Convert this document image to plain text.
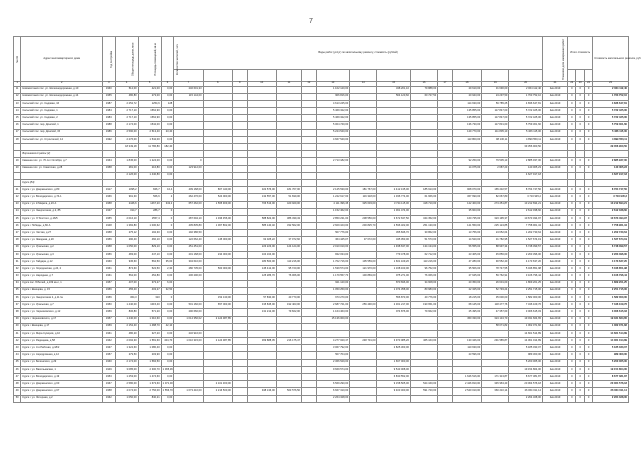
7
№ п/п	Адрес многоквартирного дома	Год постройки	Общая площадь дома, кв.м	Площадь помещений, кв.м	Количество жителей, чел.	Виды работ (услуг) по капитальному ремонту, стоимость (рублей)														Плановая дата завершения работ	Итого стоимость			Стоимость капитального ремонта, руб.

1	2	3	4	5	6	7	8	9	10	11	12	13	14	15	16	17	18	19	20	21	22	23	24	25
11	Новокистанск пос. ул. Железнодорожная, д.10	1960	512,00	421,00	0,00	246 601,33						1 102 120,00		348 201,10	79 888,00		29 610,00	31 690,00	2 064 112,40	4кв.2019	0	0	0	2 064 112,40
12	Новокистанск пос. ул. Железнодорожная, д.14	1955	480,80	273,00	0,00	115 144,00						906 816,00		564 120,60	60 727,50		20 943,00	24 297,50	1 763 752,10	4кв.2019	0	0	0	1 763 752,10
13	Сельский пос. ул. Садовая, 16	1987	2 252,72	1254,6	128							4 613 245,00					114 630,00	59 785,25	4 836 647,81	4кв.2019	0	0	0	4 836 647,81
14	Сельский пос. ул. Садовая, 1	1984	2 717,10	1562,90	0,00							5 469 322,00					135 855,00	117 847,00	5 722 425,00	4кв.2019	0	0	0	5 722 425,00
15	Сельский пос. ул. Садовая, 2	1983	2 717,10	1562,90	0,00							5 469 322,00					135 855,00	117 847,00	5 722 425,00	4кв.2019	0	0	0	5 722 425,00
16	Сельский пос. пер. Донской, 1	1988	2 174,00	1542,00	0,00							5 004 740,00					136 730,00	117 831,60	5 759 301,60	4кв.2019	0	0	0	5 759 301,60
17	Сельский пос. пер. Донской, 15	1986	2 590,00	2 513,40	23,40							5 224 540,00					129 770,00	111 805,10	5 466 115,00	4кв.2019	0	0	0	5 466 115,00
18	Сельский пос. ул. Строителей, 14	1992	2 276,00	1 542,00	0,00							4 667 540,00					113 800,00	98 130,11	4 899 550,11	4кв.2019	0	0	0	4 899 550,11
			18 349,18	11 786,80	182,40														39 356 900,50					39 356 900,50
	Воронежский район (2)																							
19	Каменка пос. ул. 70 лет Октября, д.7	1964	1 845,00	1 224,00	0,00	0						2 713 182,00					92 250,00	79 505,13	2 885 937,00	4кв.2019	0	0	0	2 885 937,00
20	Каменка пос. ул. Советская, д.28	1958	281,00	216,80	0,00	123 912,00											14 075,00	2 687,23	140 005,23	4кв.2019	0	0	0	140 005,23
			2 126,00	1 440,80	0,00														4 627 917,18					4 627 917,18
	Курск (84)																							
21	Курск г. ул. Дзержинского, д.80	1917	1095,2	846,7	10,4	409 168,00	807 440,00		322 576,00	181 707,00		2 125 530,00	181 767,00	2 412 135,00	185 913,00		908 070,00	165 232,57	8 764 747,50	4кв.2019	0	0	0	8 764 747,50
22	Курск г. ул. Володарского, д.74-1	1966	991,30	566,6	2	262 476,00	524 900,00		132 557,00	51 699,00		1 222 617,00	116 318,00	1 036 774,00	61 666,00		367 690,00	82 067,80	3 716 945,2	4кв.2019	0	0	0	3 716 945,2
23	Курск г. ул. К.Маркса, д.23 А	1958	2446,6	1467,20	343,2	657 462,00	1 565 909,00		706 513,00	420 929,00		4 111 396,45	325 603,00	3 724 115,00	418 710,00		122 400,00	274 251,87	13 212 694,21	4кв.2019	0	0	0	13 212 694,21
24	Курск г. ул. Энергетиков, д.2, 85	1937	314,7	286,7	0							1 152 462,00		1 061 474,00			35 603,00		2 612 038,60	4кв.2019	0	0	0	2 612 038,60
25	Курск г. ул. Л.Толстого, д.16/5	1955	2 016,10	1557,4	0	287 694,10	1 036 356,00		588 822,00	386 339,43		2 850 231,00	208 556,00	3 672 637,50	344 352,00		160 735,00	323 195,37	10 673 494,97	4кв.2019	0	0	0	10 673 494,97
26	Курск г. Победы, д.66 А	1948	1 382,80	1 030,62	0	405 835,80	1 067 862,00		585 140,40	332 562,00		2 609 103,00	200 825,70	2 596 322,00	251 130,00		121 550,00	225 124,85	7 758 961,34	4кв.2019	0	0	0	7 758 961,34
27	Курск г. ул. Чистая, д.27	1958	275,12	192,30	0,00	192 386,50						507 776,00		455 846,70	30 862,00		13 756,00	24 652,04	1 202 730,64	4кв.2019	0	0	0	1 202 730,64
28	Курск г. ул. Звездная, д.20	1956	290,40	460,10	0,00	122 662,40	145 000,00		62 025,22	37 072,60		364 445,07	37 072,60	435 053,00	51 573,00		14 520,00	31 782,95	1 527 674,19	4кв.2019	0	0	0	1 527 674,19
29	Курск г. ул. Уральская, д.2	1958	1 050,00	829,10	0,00	451 451,00			223 223,00	124 124,00		2 010 010,00		1 938 637,00	134 134,00		56 555,00	88 997,34	6 748 099,57	4кв.2019	0	0	0	6 748 099,57
30	Курск г. ул. Уральская, д.3	1956	483,00	447,10	0,00	201 168,00	234 000,00		104 164,00			842 034,00		779 478,00	62 712,00		23 405,00	45 856,00	2 263 396,00	4кв.2019	0	0	0	2 263 396,00
31	Курск г. ул. Гайдара, д.12	1960	945,60	562,50	35,00	304 610,00			180 500,00	113 216,00		1 702 716,00	105 559,00	1 601 109,20	113 216,00		47 280,00	90 552,40	4 173 637,20	4кв.2019	0	0	0	4 173 637,20
32	Курск г. ул. Хородинская, д.24, 2	1961	874,60	522,50	2,30	280 735,00	500 000,00		145 412,00	95 720,00		1 539 574,00	121 970,00	1 168 163,00	96 752,00		35 506,00	78 747,55	5 046 851,98	4кв.2019	0	0	0	5 046 851,98
33	Курск г. ул. Народная, д.7	1961	562,00	452,80	0,00	206 290,00			125 286,70	76 066,00		1 179 557,70	100 869,00	975 271,00	76 066,00		27 645,00	59 762,91	3 106 796,44	4кв.2019	0	0	0	3 106 796,44
34	Курск пос. Юбилей, д.169 кв-л, 1	1957	407,00	373,27	6,00							921 120,00		870 696,00	34 608,00		20 350,00	26 601,00	1 869 201,25	4кв.2019	0	0	0	1 869 201,25
35	Курск г. Шевцова, д. 15	1956	455,40	403,27	32,50							1 050 250,00		1 074 358,00	80 683,00		22 325,00	52 793,24	2 251 715,00	4кв.2019	0	0	0	2 251 715,00
36	Курск г. ул. Энергетиков 2, д.11 №	1956	364,3	310	0		152 130,00		57 830,00	40 770,00		673 270,00		556 873,00	40 776,00		18 215,00	35 000,00	1 582 000,00	4кв.2019	0	0	0	1 582 000,00
37	Курск г. ул. Уральская, д.7	1950	1 440,00	1015,40	0,00	501 160,00	657 003,00		315 845,00	192 403,00		2 687 721,00	256 490,00	2 301 217,00	190 651,00		68 145,00	118 477,76	7 346 109,76	4кв.2019	0	0	0	7 346 109,76
38	Курск г. ул. Черняховского, д.12	1959	836,80	571,20	0,00	290 660,00			131 212,00	79 662,00		1 164 463,00		974 876,00	79 662,00		25 495,00	47 357,60	3 006 615,03	4кв.2019	0	0	0	3 006 615,03
39	Курск г. Черняховского, д.17	1957	1 440,00	1 010,60	0,00	1 014 350,02	2 124 087,85					15 136 000,00					450 330,00	324 134,70	19 031 664,65	4кв.2019	0	0	0	19 031 664,65
40	Курск г. Шевцова, д.17	1959	2 152,40	1 488,70	42,10													58 071,82	1 062 071,82	4кв.2019	0	0	0	1 062 071,82
41	Курск г. ул. Мира Суворов, д.10	1961	480,20	327,20	0,00	232 916,00													14 661 514,89	4кв.2019	0	0	0	14 661 514,89
42	Курск г. ул. Радищева, д.58	1962	2 092,30	1 581,60	404,70	1 010 315,00	2 124 087,85		369 888,05	216 175,47		4 277 020,47	248 701,00	3 973 085,26	465 163,00		130 346,00	291 585,87	14 061 014,89	4кв.2019	0	0	0	14 061 014,89
43	Курск г. ул. 3-я Рабочая, д.18/2	1937	1 322,60	1 080,40	0,00							3 067 792,00		2 825 303,00			110 630,00		5 185 033,07	4кв.2019	0	0	0	5 185 033,07
44	Курск г. ул. Аэродромная, д.12	1957	279,50	203,90	0,00							507 704,00					23 596,00		989 300,00	4кв.2019	0	0	0	989 300,00
45	Курск г. ул. Белинского, д.29	1960	2 174,00	1 584,50	0,00							2 366 529,00		1 667 000,00					5 200 065,00	4кв.2019	0	0	0	5 200 065,00
46	Курск г. ул. Васильевская, 1	1949	3 085,00	2 300,70	1 065,36							9 669 574,00		9 543 008,00					19 154 804,00	4кв.2019	0	0	0	19 154 804,00
47	Курск г. ул. Володарского, д.19	1953	1 253,00	1 474,60	0,00									6 830 552,00			1 626 516,00	171 313,87	8 677 381,87	4кв.2019	0	0	0	8 677 381,87
48	Курск г. ул. Дзержинского, д.63	1967	2 580,00	1 673,60	1 071,00		2 101 300,00					6 569 290,00		9 158 505,00	524 160,00		2 426 810,00	345 963,43	20 064 576,18	4кв.2019	0	0	0	20 064 576,18
49	Курск г. ул. Дзержинского, д.67	1958	4 074,00	2 756,00	1 556,70	1 673 410,00	2 216 500,00		948 136,00	563 576,50		6 667 310,00		9 403 460,00	591 720,00		2 540 010,00	360 210,14	26 064 011,14	4кв.2019	0	0	0	26 064 011,14
50	Курск г. ул. Литерная, д.2	1962	1 050,00	840,21	0,00							2 264 328,00							2 264 328,00	4кв.2019	0	0	0	2 264 328,00
